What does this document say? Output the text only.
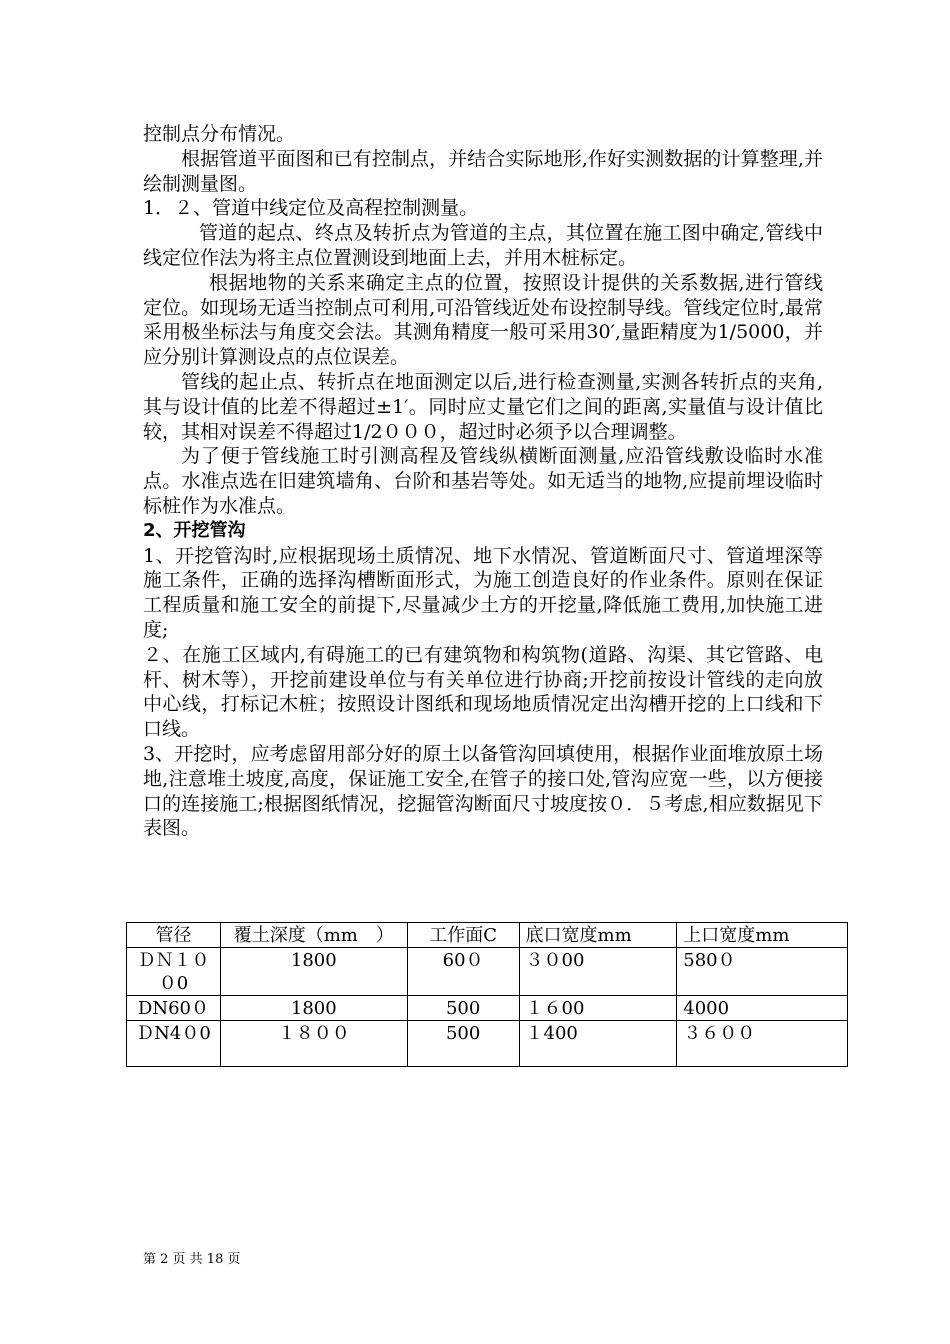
控制点分布情况。

根据管道平面图和已有控制点，并结合实际地形,作好实测数据的计算整理,并绘制测量图。

1．２、管道中线定位及高程控制测量。

管道的起点、终点及转折点为管道的主点，其位置在施工图中确定,管线中线定位作法为将主点位置测设到地面上去，并用木桩标定。

根据地物的关系来确定主点的位置，按照设计提供的关系数据,进行管线定位。如现场无适当控制点可利用,可沿管线近处布设控制导线。管线定位时,最常采用极坐标法与角度交会法。其测角精度一般可采用30′,量距精度为1/5000，并应分别计算测设点的点位误差。

管线的起止点、转折点在地面测定以后,进行检查测量,实测各转折点的夹角,其与设计值的比差不得超过±1′。同时应丈量它们之间的距离,实量值与设计值比较，其相对误差不得超过1/2０００，超过时必须予以合理调整。

为了便于管线施工时引测高程及管线纵横断面测量,应沿管线敷设临时水准点。水准点选在旧建筑墙角、台阶和基岩等处。如无适当的地物,应提前埋设临时标桩作为水准点。

2、开挖管沟

1、开挖管沟时,应根据现场土质情况、地下水情况、管道断面尺寸、管道埋深等施工条件，正确的选择沟槽断面形式，为施工创造良好的作业条件。原则在保证工程质量和施工安全的前提下,尽量减少土方的开挖量,降低施工费用,加快施工进度;

２、在施工区域内,有碍施工的已有建筑物和构筑物(道路、沟渠、其它管路、电杆、树木等），开挖前建设单位与有关单位进行协商;开挖前按设计管线的走向放中心线，打标记木桩；按照设计图纸和现场地质情况定出沟槽开挖的上口线和下口线。

3、开挖时，应考虑留用部分好的原土以备管沟回填使用，根据作业面堆放原土场地,注意堆土坡度,高度，保证施工安全,在管子的接口处,管沟应宽一些，以方便接口的连接施工;根据图纸情况，挖掘管沟断面尺寸坡度按０．５考虑,相应数据见下表图。

管径	覆土深度（mm　）	工作面C	底口宽度mm	上口宽度mm
ＤＮ１００0	1800	60０	３０00	580０
DN60０	1800	500	１６00	4000
ＤN4０0	１８００	500	１400	３６００
第 2 页 共 18 页
